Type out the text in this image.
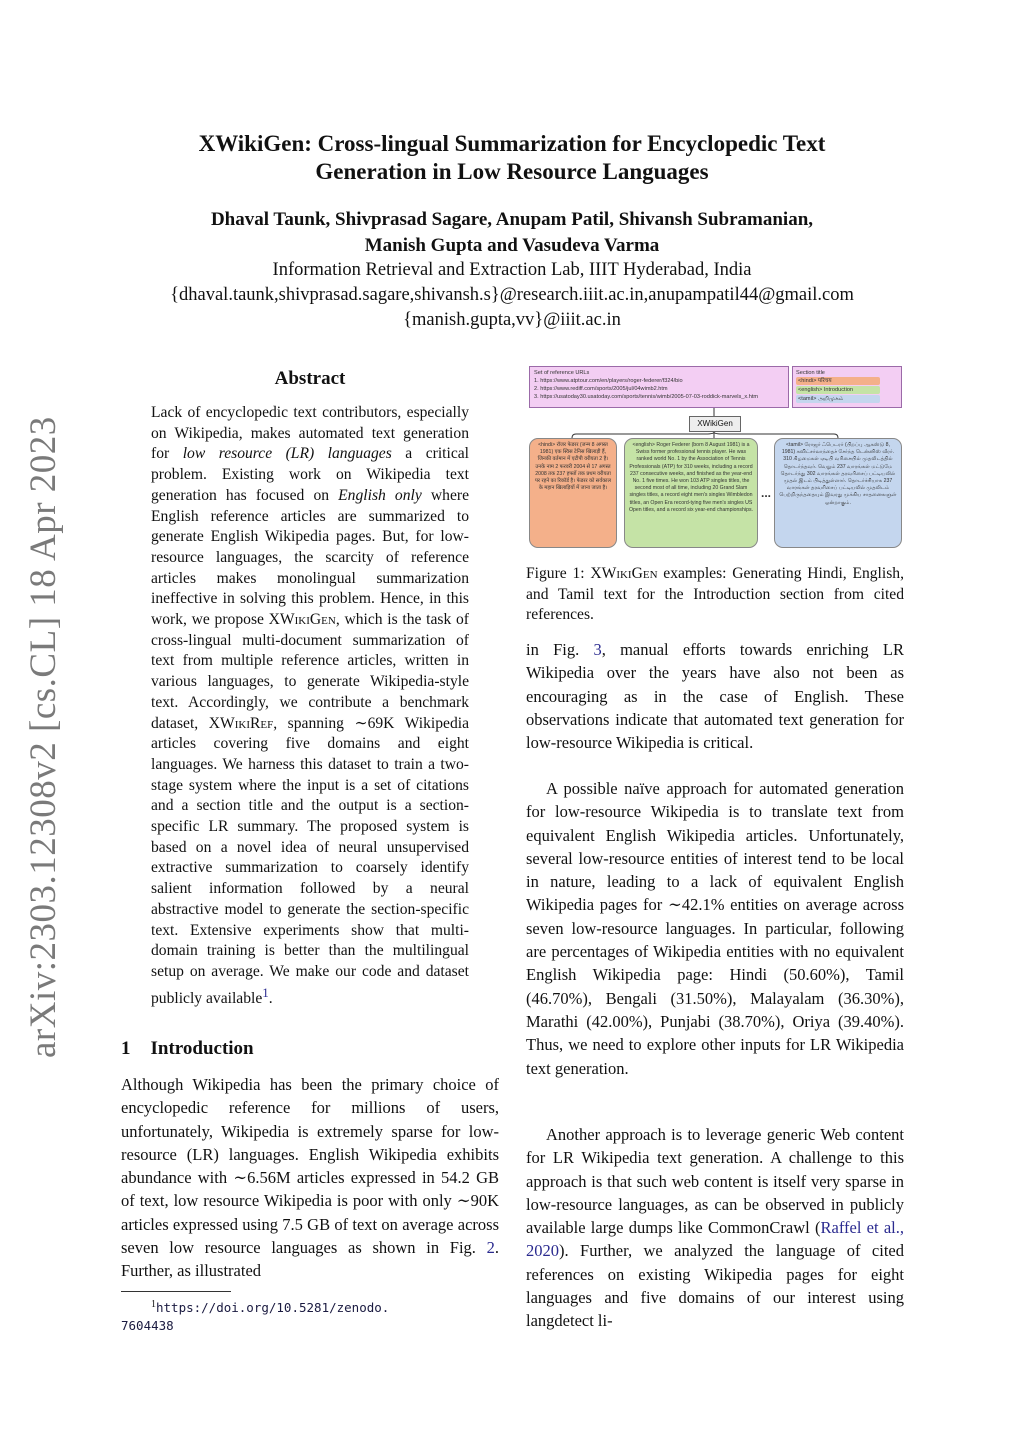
arXiv:2303.12308v2 [cs.CL] 18 Apr 2023
XWikiGen: Cross-lingual Summarization for Encyclopedic Text
Generation in Low Resource Languages
Dhaval Taunk, Shivprasad Sagare, Anupam Patil, Shivansh Subramanian,
Manish Gupta and Vasudeva Varma
Information Retrieval and Extraction Lab, IIIT Hyderabad, India
{dhaval.taunk,shivprasad.sagare,shivansh.s}@research.iiit.ac.in,anupampatil44@gmail.com
{manish.gupta,vv}@iiit.ac.in
Abstract
Lack of encyclopedic text contributors, especially on Wikipedia, makes automated text generation for low resource (LR) languages a critical problem. Existing work on Wikipedia text generation has focused on English only where English reference articles are summarized to generate English Wikipedia pages. But, for low-resource languages, the scarcity of reference articles makes monolingual summarization ineffective in solving this problem. Hence, in this work, we propose XWikiGen, which is the task of cross-lingual multi-document summarization of text from multiple reference articles, written in various languages, to generate Wikipedia-style text. Accordingly, we contribute a benchmark dataset, XWikiRef, spanning ∼69K Wikipedia articles covering five domains and eight languages. We harness this dataset to train a two-stage system where the input is a set of citations and a section title and the output is a section-specific LR summary. The proposed system is based on a novel idea of neural unsupervised extractive summarization to coarsely identify salient information followed by a neural abstractive model to generate the section-specific text. Extensive experiments show that multi-domain training is better than the multilingual setup on average. We make our code and dataset publicly available$^1$.
1 Introduction
Although Wikipedia has been the primary choice of encyclopedic reference for millions of users, unfortunately, Wikipedia is extremely sparse for low-resource (LR) languages. English Wikipedia exhibits abundance with ∼6.56M articles expressed in 54.2 GB of text, low resource Wikipedia is poor with only ∼90K articles expressed using 7.5 GB of text on average across seven low resource languages as shown in Fig. 2. Further, as illustrated
$^1$https://doi.org/10.5281/zenodo.
7604438
Set of reference URLs
1. https://www.atptour.com/en/players/roger-federer/f324/bio
2. https://www.rediff.com/sports/2005/jul/04wimb2.htm
3. https://usatoday30.usatoday.com/sports/tennis/wimb/2005-07-03-roddick-marvels_x.htm
Section title
<hindi> परिचय
<english> Introduction
<tamil> அறிமுகம்
XWikiGen
<hindi> रॉजर फेडरर (जन्म 8 अगस्त 1981) एक स्विस टेनिस खिलाड़ी हैं, जिनकी वर्तमान में एटीपी वरीयता 2 है। उनके नाम 2 फरवरी 2004 से 17 अगस्त 2008 तक 237 हफ्तों तक प्रथम वरीयता पर रहने का रिकॉर्ड है। फेडरर को सर्वकाल के महान खिलाड़ियों में जाना जाता है।
<english> Roger Federer (born 8 August 1981) is a Swiss former professional tennis player. He was ranked world No. 1 by the Association of Tennis Professionals (ATP) for 310 weeks, including a record 237 consecutive weeks, and finished as the year-end No. 1 five times. He won 103 ATP singles titles, the second most of all time, including 20 Grand Slam singles titles, a record eight men's singles Wimbledon titles, an Open Era record-tying five men's singles US Open titles, and a record six year-end championships.
<tamil> ரோஜர் ஃபெடரர் (பிறப்பு ஆகஸ்டு 8, 1981) சுவிட்சர்லாந்தைச் சேர்ந்த டென்னிஸ் வீரர். 310 கிழமைகள் ஏடிபி வரிசையில் முதலிடத்தில் தொடர்ந்தவர். வெறும் 237 வாரங்கள் மட்டுமே தொடர்ந்து 302 வாரங்கள் தரவரிசைப் பட்டியலில் முதல் இடம் பிடித்துள்ளார். தொடர்ச்சியாக 237 வாரங்கள் தரவரிசைப் பட்டியலில் முதலிடம் பெற்றிருந்ததையும் இவரது முக்கிய சாதனைகளுள் ஒன்றாகும்.
...
Figure 1: XWikiGen examples: Generating Hindi, English, and Tamil text for the Introduction section from cited references.

in Fig. 3, manual efforts towards enriching LR Wikipedia over the years have also not been as encouraging as in the case of English. These observations indicate that automated text generation for low-resource Wikipedia is critical.

A possible naïve approach for automated generation for low-resource Wikipedia is to translate text from equivalent English Wikipedia articles. Unfortunately, several low-resource entities of interest tend to be local in nature, leading to a lack of equivalent English Wikipedia pages for ∼42.1% entities on average across seven low-resource languages. In particular, following are percentages of Wikipedia entities with no equivalent English Wikipedia page: Hindi (50.60%), Tamil (46.70%), Bengali (31.50%), Malayalam (36.30%), Marathi (42.00%), Punjabi (38.70%), Oriya (39.40%). Thus, we need to explore other inputs for LR Wikipedia text generation.

Another approach is to leverage generic Web content for LR Wikipedia text generation. A challenge to this approach is that such web content is itself very sparse in low-resource languages, as can be observed in publicly available large dumps like CommonCrawl (Raffel et al., 2020). Further, we analyzed the language of cited references on existing Wikipedia pages for eight languages and five domains of our interest using langdetect li-
